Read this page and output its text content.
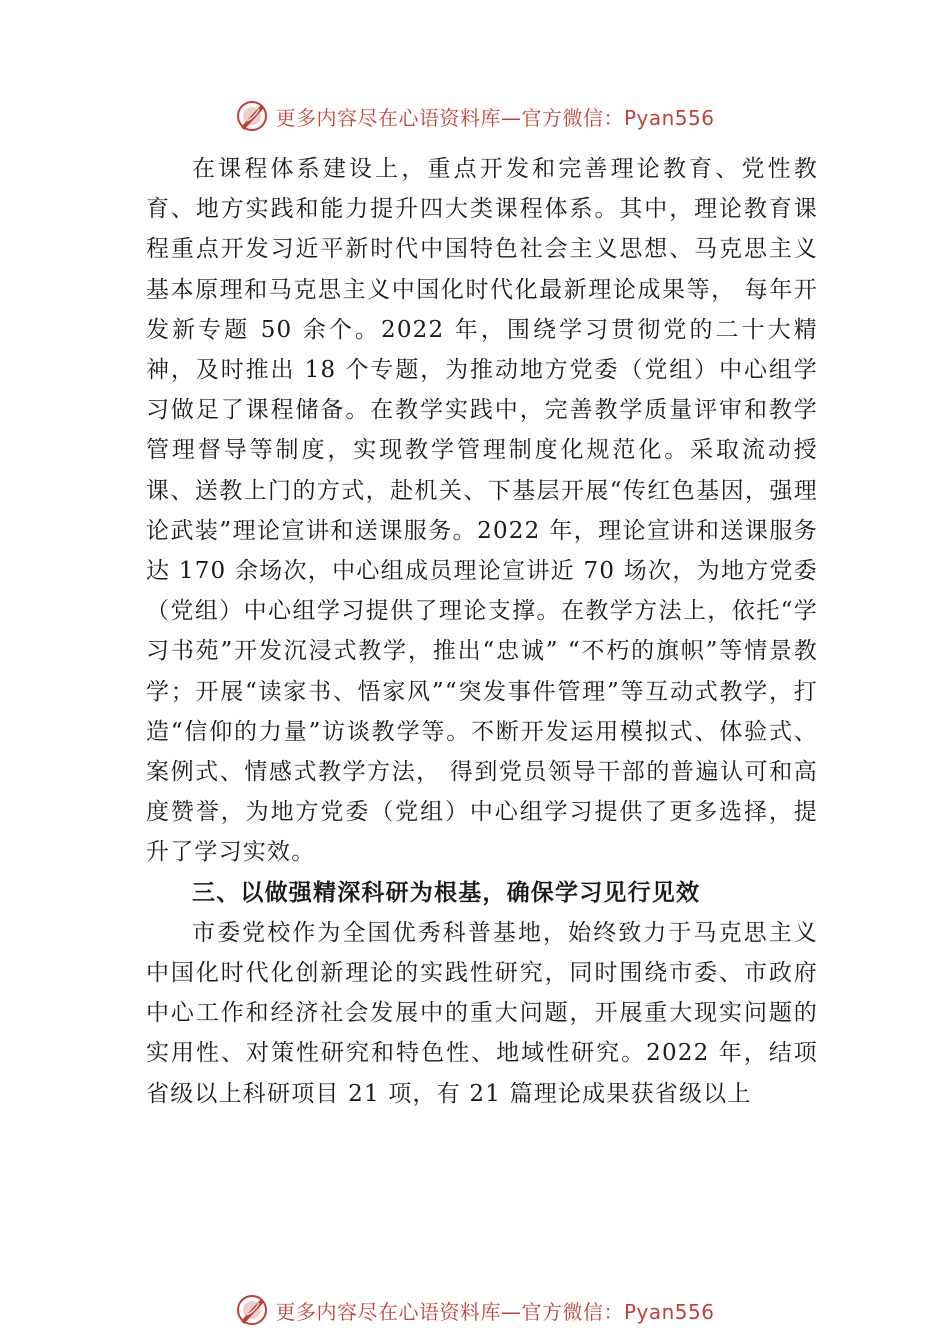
更多内容尽在心语资料库—官方微信：Pyan556

在课程体系建设上，重点开发和完善理论教育、党性教育、地方实践和能力提升四大类课程体系。其中，理论教育课程重点开发习近平新时代中国特色社会主义思想、马克思主义基本原理和马克思主义中国化时代化最新理论成果等， 每年开发新专题 50 余个。2022 年，围绕学习贯彻党的二十大精神，及时推出 18 个专题，为推动地方党委（党组）中心组学习做足了课程储备。在教学实践中，完善教学质量评审和教学管理督导等制度，实现教学管理制度化规范化。采取流动授课、送教上门的方式，赴机关、下基层开展“传红色基因，强理论武装”理论宣讲和送课服务。2022 年，理论宣讲和送课服务达 170 余场次，中心组成员理论宣讲近 70 场次，为地方党委（党组）中心组学习提供了理论支撑。在教学方法上，依托“学习书苑”开发沉浸式教学，推出“忠诚” “不朽的旗帜”等情景教学；开展“读家书、悟家风”“突发事件管理”等互动式教学，打造“信仰的力量”访谈教学等。不断开发运用模拟式、体验式、案例式、情感式教学方法， 得到党员领导干部的普遍认可和高度赞誉，为地方党委（党组）中心组学习提供了更多选择，提升了学习实效。

三、以做强精深科研为根基，确保学习见行见效

市委党校作为全国优秀科普基地，始终致力于马克思主义中国化时代化创新理论的实践性研究，同时围绕市委、市政府中心工作和经济社会发展中的重大问题，开展重大现实问题的实用性、对策性研究和特色性、地域性研究。2022 年，结项省级以上科研项目 21 项，有 21 篇理论成果获省级以上

更多内容尽在心语资料库—官方微信：Pyan556
